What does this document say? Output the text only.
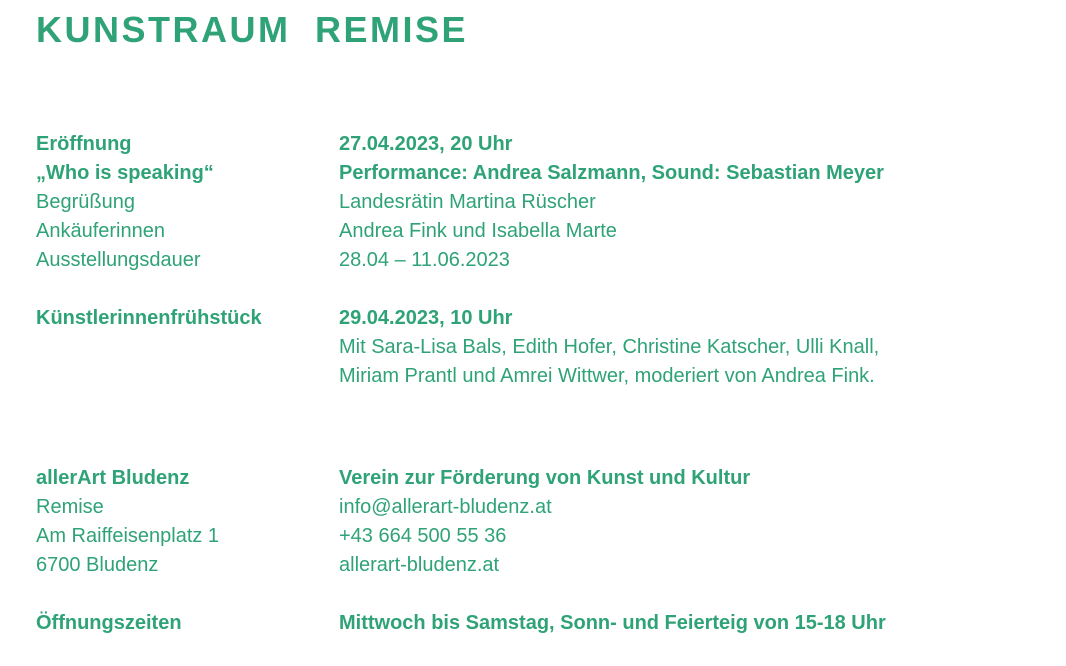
KUNSTRAUM REMISE
Eröffnung	27.04.2023, 20 Uhr
„Who is speaking“	Performance: Andrea Salzmann, Sound: Sebastian Meyer
Begrüßung	Landesrätin Martina Rüscher
Ankäuferinnen	Andrea Fink und Isabella Marte
Ausstellungsdauer	28.04 – 11.06.2023
Künstlerinnenfrühstück	29.04.2023, 10 Uhr
Mit Sara-Lisa Bals, Edith Hofer, Christine Katscher, Ulli Knall,
Miriam Prantl und Amrei Wittwer, moderiert von Andrea Fink.
allerArt Bludenz	Verein zur Förderung von Kunst und Kultur
Remise	info@allerart-bludenz.at
Am Raiffeisenplatz 1	+43 664 500 55 36
6700 Bludenz	allerart-bludenz.at
Öffnungszeiten	Mittwoch bis Samstag, Sonn- und Feierteig von 15-18 Uhr
